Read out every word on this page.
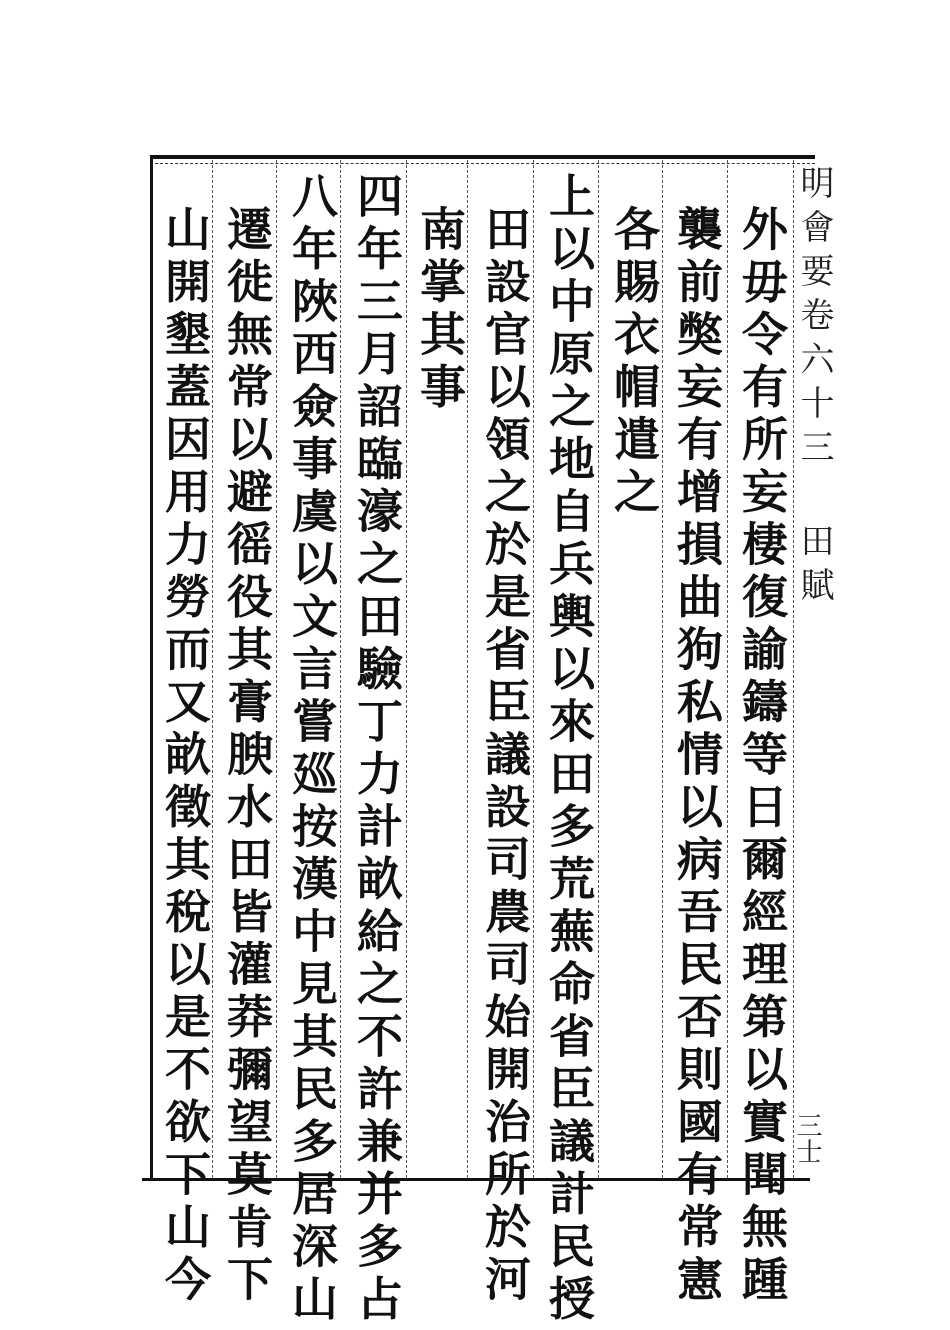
明會要卷六十三 田賦
三士
外毋令有所妄棲復諭鑄等日爾經理第以實聞無踵
襲前獘妄有增損曲狗私情以病吾民否則國有常憲
各賜衣帽遣之
上以中原之地自兵輿以來田多荒蕪命省臣議計民授
田設官以領之於是省臣議設司農司始開治所於河
南掌其事
四年三月詔臨濠之田驗丁力計畝給之不許兼并多占
八年陜西僉事虞以文言嘗廵按漢中見其民多居深山
遷徙無常以避徭役其膏腴水田皆灌莽彌望莫肯下
山開墾蓋因用力勞而又畝徵其稅以是不欲下山今
